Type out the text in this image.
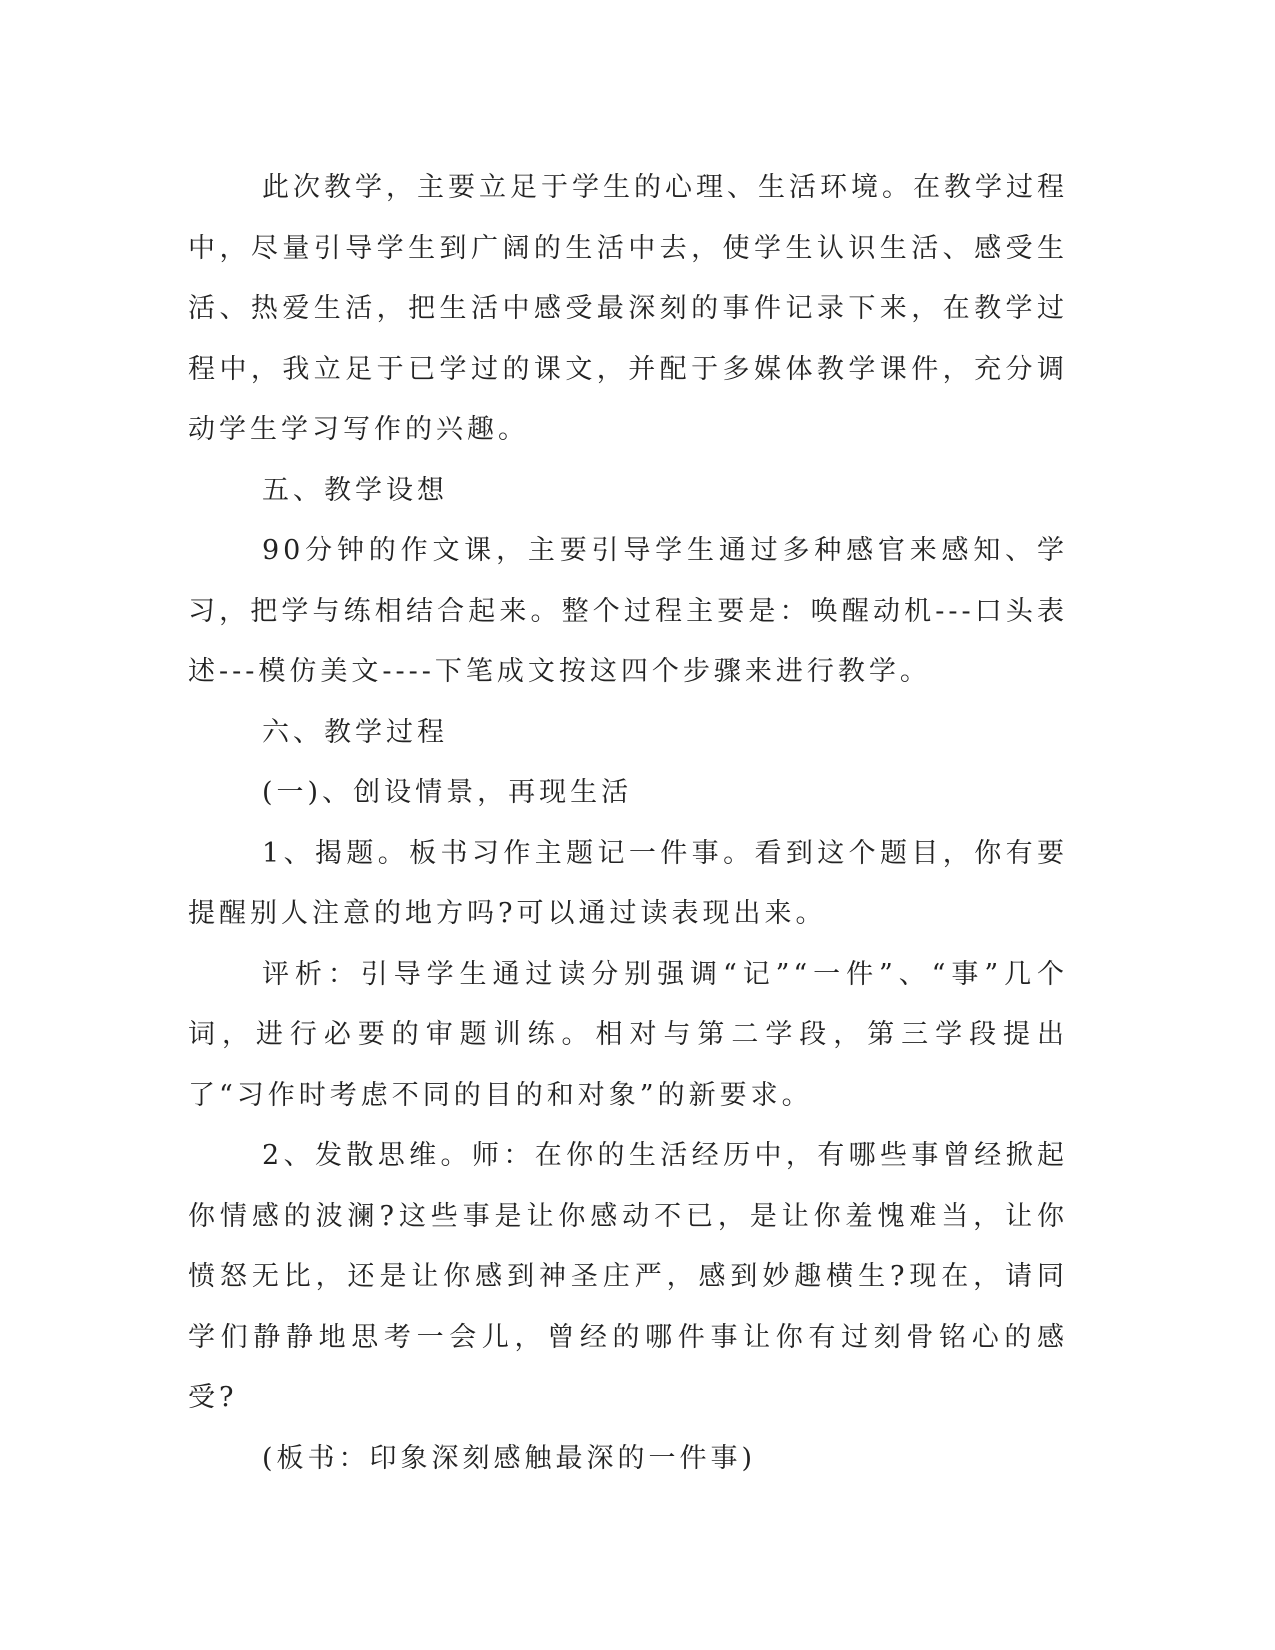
此次教学，主要立足于学生的心理、生活环境。在教学过程中，尽量引导学生到广阔的生活中去，使学生认识生活、感受生活、热爱生活，把生活中感受最深刻的事件记录下来，在教学过程中，我立足于已学过的课文，并配于多媒体教学课件，充分调动学生学习写作的兴趣。

五、教学设想

90分钟的作文课，主要引导学生通过多种感官来感知、学习，把学与练相结合起来。整个过程主要是：唤醒动机---口头表述---模仿美文----下笔成文按这四个步骤来进行教学。

六、教学过程

(一)、创设情景，再现生活

1、揭题。板书习作主题记一件事。看到这个题目，你有要提醒别人注意的地方吗?可以通过读表现出来。

评析：引导学生通过读分别强调“记”“一件”、“事”几个词，进行必要的审题训练。相对与第二学段，第三学段提出了“习作时考虑不同的目的和对象”的新要求。

2、发散思维。师：在你的生活经历中，有哪些事曾经掀起你情感的波澜?这些事是让你感动不已，是让你羞愧难当，让你愤怒无比，还是让你感到神圣庄严，感到妙趣横生?现在，请同学们静静地思考一会儿，曾经的哪件事让你有过刻骨铭心的感受?

(板书：印象深刻感触最深的一件事)
